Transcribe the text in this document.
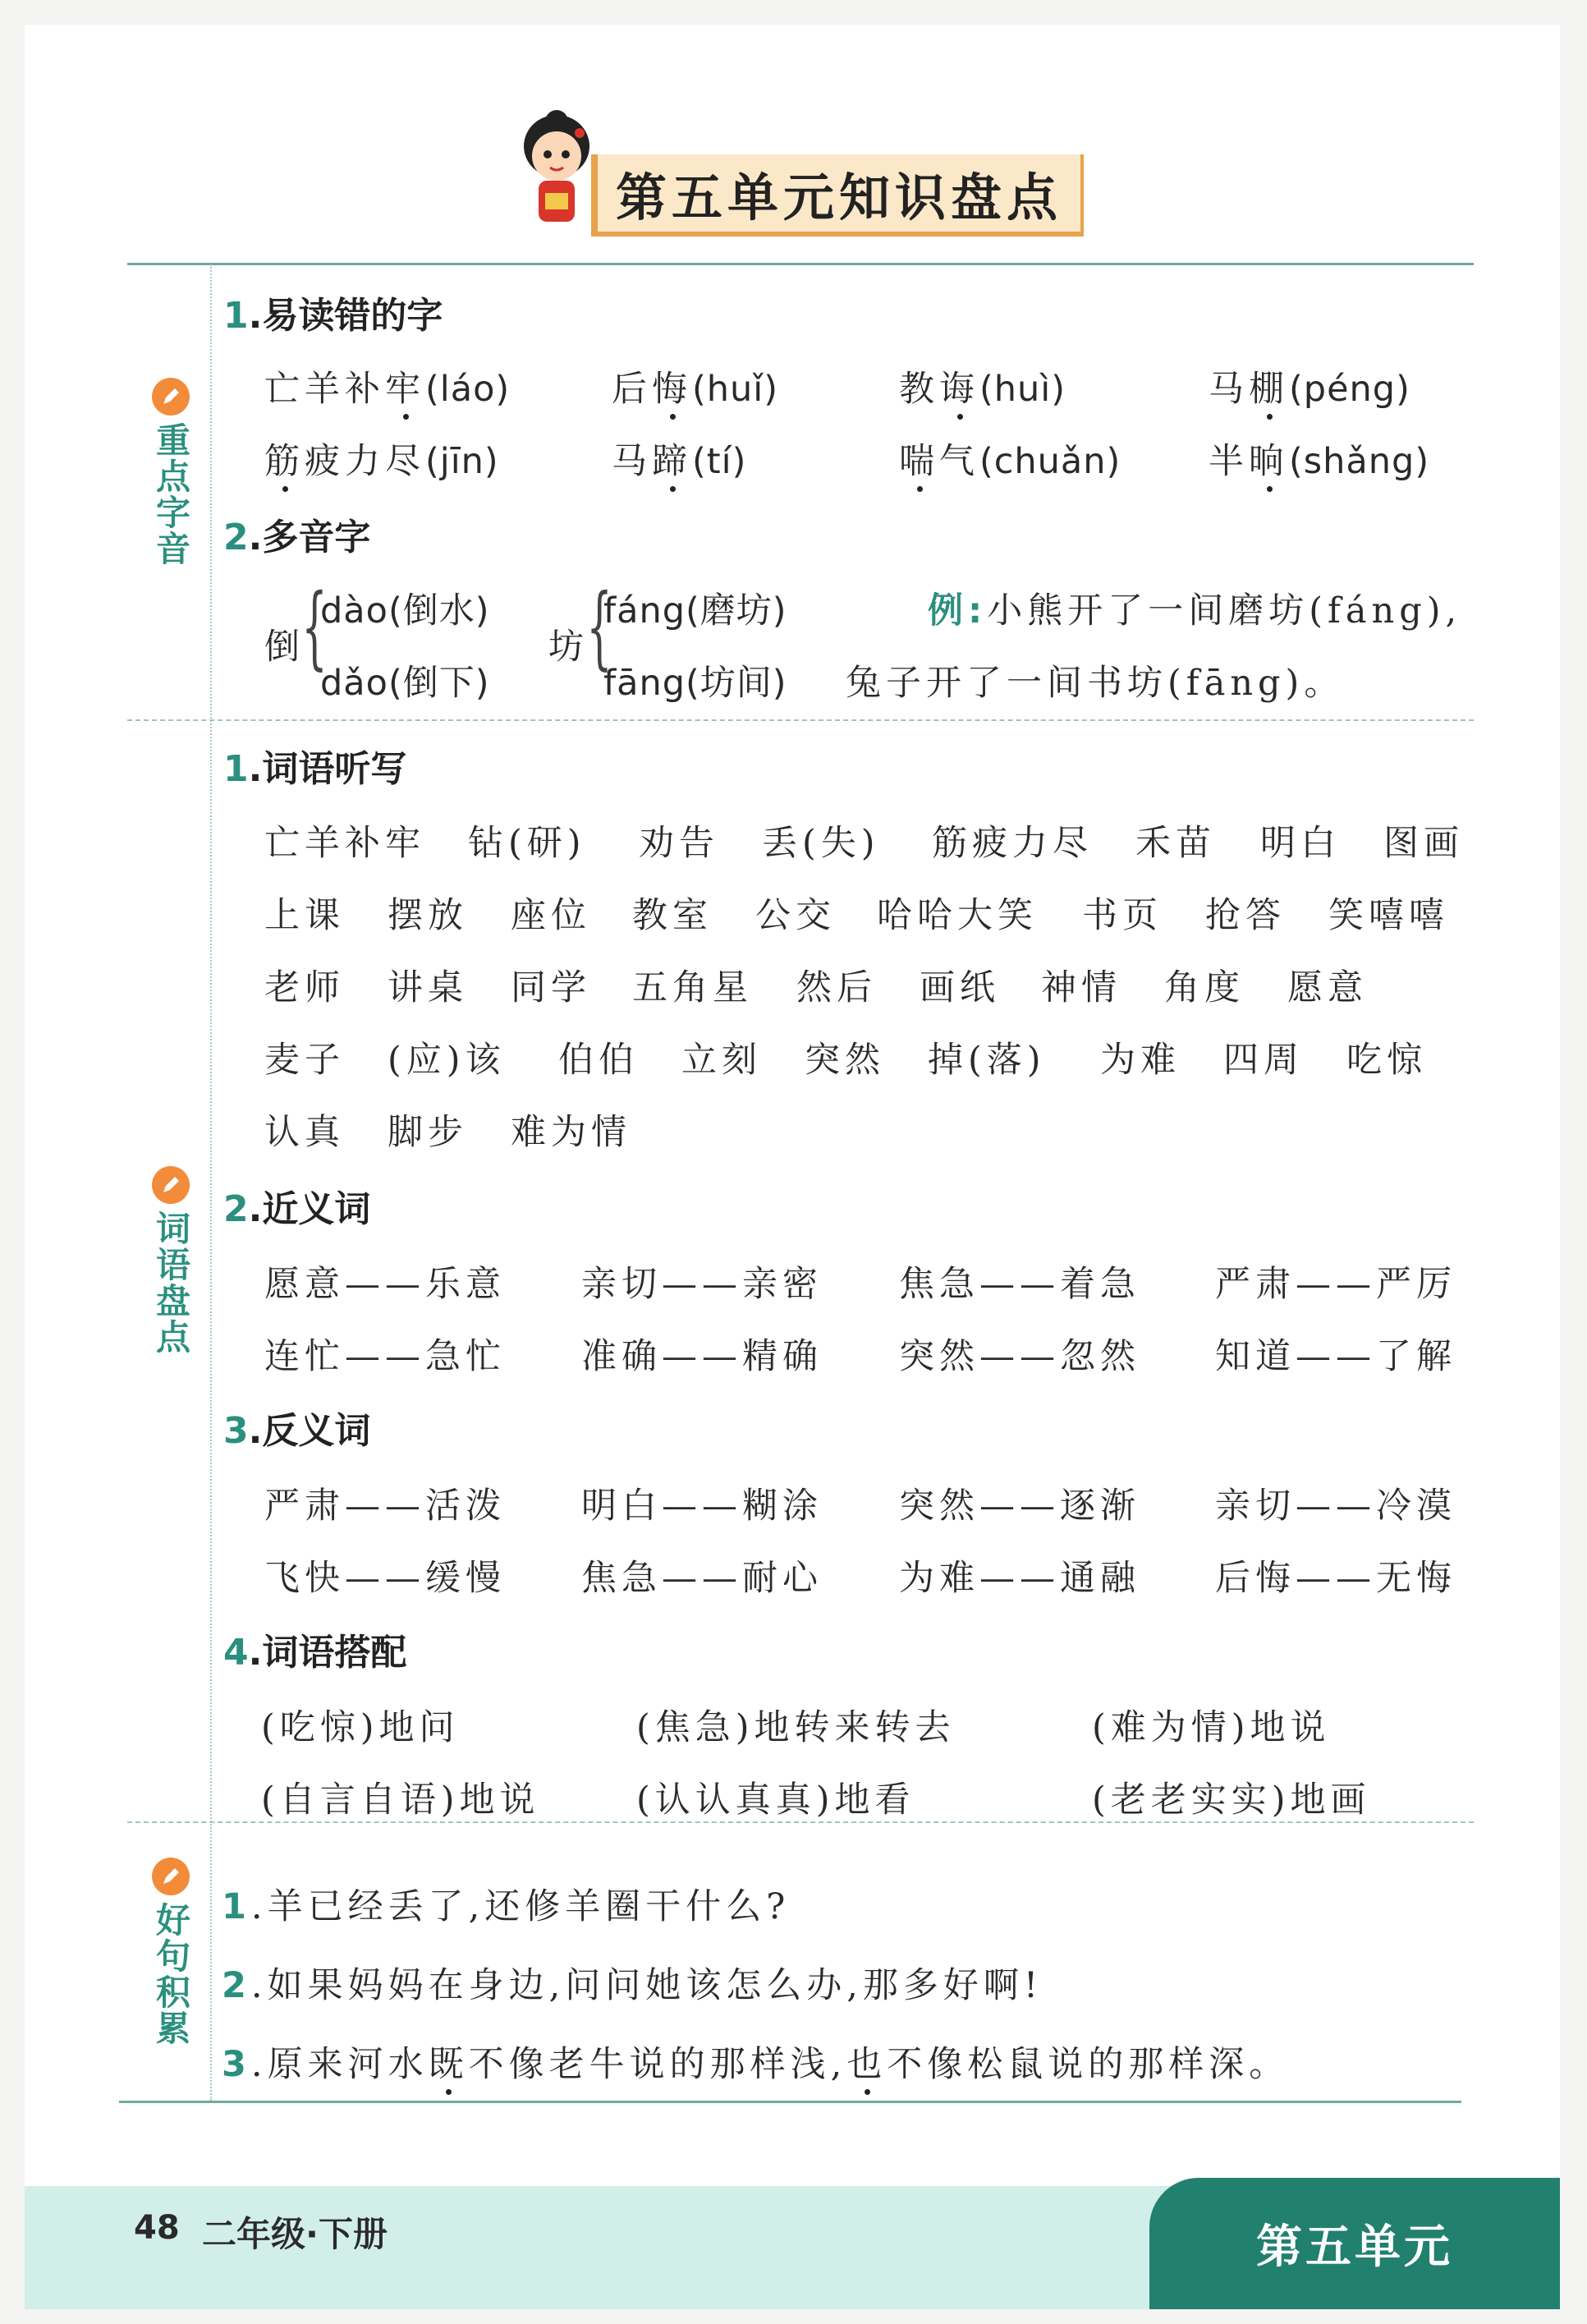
第五单元知识盘点
重点字音
词语盘点
好句积累
1.易读错的字
亡羊补牢(láo)	后悔(huǐ)	教诲(huì)	马棚(péng)
筋疲力尽(jīn)	马蹄(tí)	喘气(chuǎn) 半晌(shǎng)
2.多音字
倒
{
dào(倒水)
dǎo(倒下)
坊
{
fáng(磨坊)
fāng(坊间)
例:小熊开了一间磨坊(fáng),
兔子开了一间书坊(fāng)。
1.词语听写
亡羊补牢 钻(研) 劝告 丢(失) 筋疲力尽 禾苗 明白 图画
上课 摆放 座位 教室 公交 哈哈大笑 书页 抢答 笑嘻嘻
老师 讲桌 同学 五角星 然后 画纸 神情 角度 愿意
麦子 (应)该 伯伯 立刻 突然 掉(落) 为难 四周 吃惊
认真 脚步 难为情
2.近义词
愿意——乐意 亲切——亲密 焦急——着急 严肃——严厉
连忙——急忙 准确——精确 突然——忽然 知道——了解
3.反义词
严肃——活泼 明白——糊涂 突然——逐渐 亲切——冷漠
飞快——缓慢 焦急——耐心 为难——通融 后悔——无悔
4.词语搭配
(吃惊)地问	(焦急)地转来转去	(难为情)地说
(自言自语)地说	(认认真真)地看	(老老实实)地画
1.羊已经丢了,还修羊圈干什么?
2.如果妈妈在身边,问问她该怎么办,那多好啊!
3.原来河水既不像老牛说的那样浅,也不像松鼠说的那样深。
48 二年级·下册	第五单元
